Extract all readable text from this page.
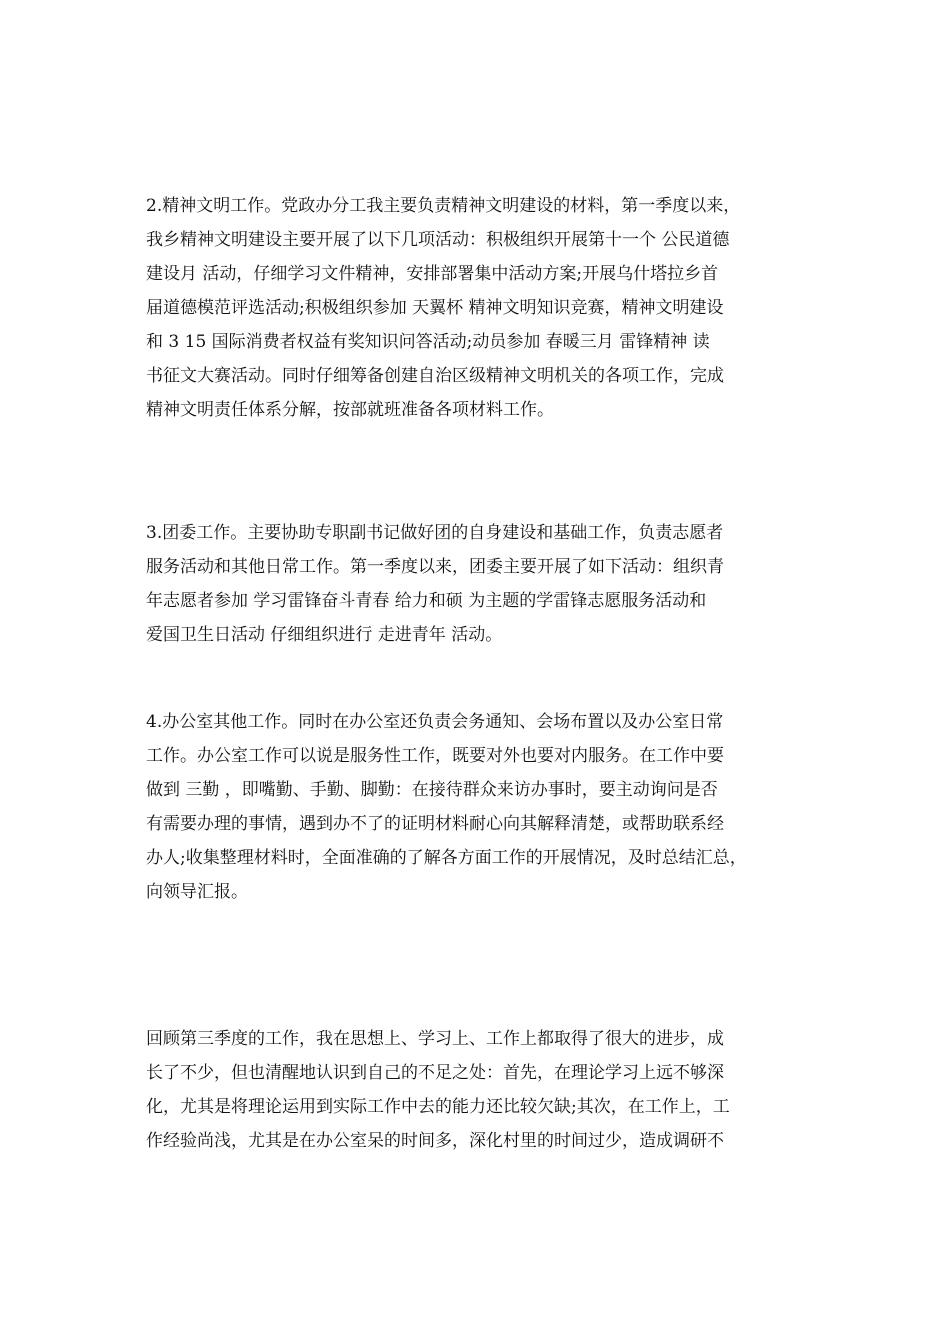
2.精神文明工作。党政办分工我主要负责精神文明建设的材料，第一季度以来，
我乡精神文明建设主要开展了以下几项活动：积极组织开展第十一个 公民道德
建设月 活动，仔细学习文件精神，安排部署集中活动方案;开展乌什塔拉乡首
届道德模范评选活动;积极组织参加 天翼杯 精神文明知识竞赛，精神文明建设
和 3 15 国际消费者权益有奖知识问答活动;动员参加 春暖三月 雷锋精神 读
书征文大赛活动。同时仔细筹备创建自治区级精神文明机关的各项工作，完成
精神文明责任体系分解，按部就班准备各项材料工作。
3.团委工作。主要协助专职副书记做好团的自身建设和基础工作，负责志愿者
服务活动和其他日常工作。第一季度以来，团委主要开展了如下活动：组织青
年志愿者参加 学习雷锋奋斗青春 给力和硕 为主题的学雷锋志愿服务活动和
爱国卫生日活动 仔细组织进行 走进青年 活动。
4.办公室其他工作。同时在办公室还负责会务通知、会场布置以及办公室日常
工作。办公室工作可以说是服务性工作，既要对外也要对内服务。在工作中要
做到 三勤 ，即嘴勤、手勤、脚勤：在接待群众来访办事时，要主动询问是否
有需要办理的事情，遇到办不了的证明材料耐心向其解释清楚，或帮助联系经
办人;收集整理材料时，全面准确的了解各方面工作的开展情况，及时总结汇总，
向领导汇报。
回顾第三季度的工作，我在思想上、学习上、工作上都取得了很大的进步，成
长了不少，但也清醒地认识到自己的不足之处：首先，在理论学习上远不够深
化，尤其是将理论运用到实际工作中去的能力还比较欠缺;其次，在工作上，工
作经验尚浅，尤其是在办公室呆的时间多，深化村里的时间过少，造成调研不
